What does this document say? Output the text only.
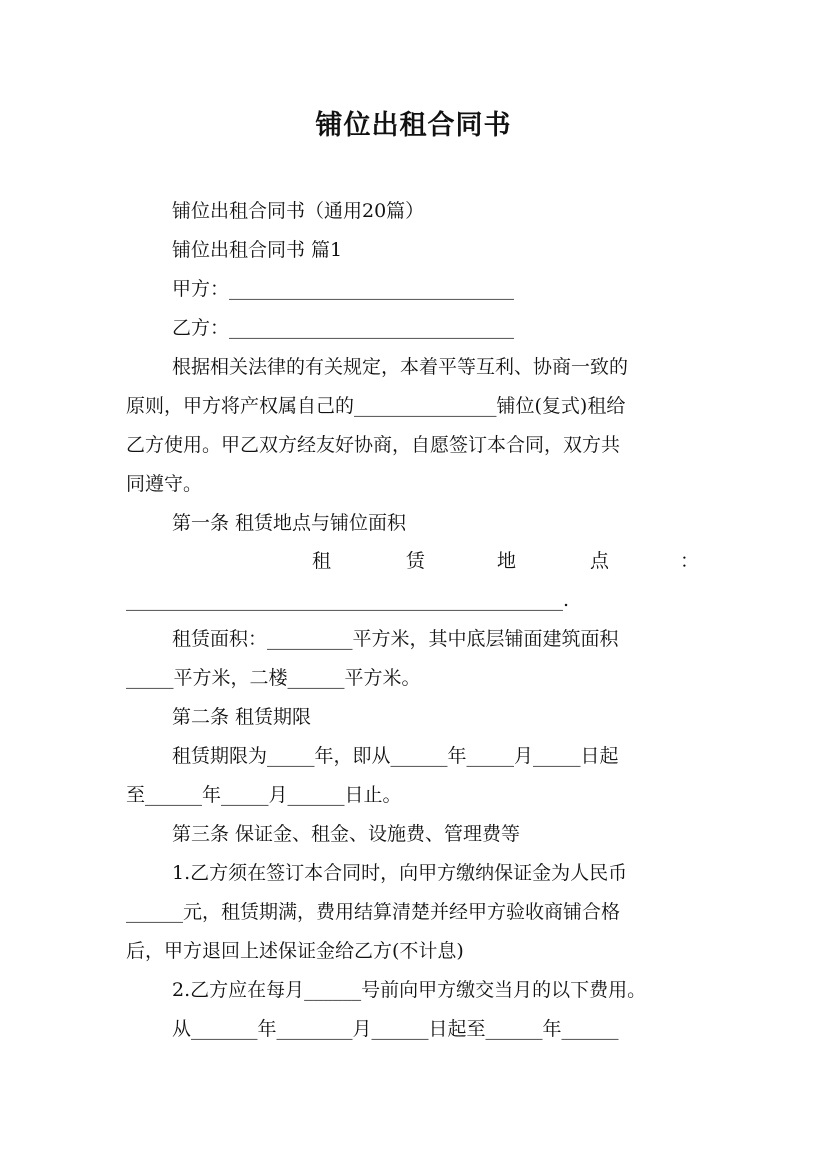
铺位出租合同书
铺位出租合同书（通用20篇）
铺位出租合同书 篇1
甲方：______________________________
乙方：______________________________
根据相关法律的有关规定，本着平等互利、协商一致的
原则，甲方将产权属自己的_______________铺位(复式)租给
乙方使用。甲乙双方经友好协商，自愿签订本合同，双方共
同遵守。
第一条 租赁地点与铺位面积
租	赁	地	点	：
______________________________________________.
租赁面积：_________平方米，其中底层铺面建筑面积
_____平方米，二楼______平方米。
第二条 租赁期限
租赁期限为_____年，即从______年_____月_____日起
至______年_____月______日止。
第三条 保证金、租金、设施费、管理费等
1.乙方须在签订本合同时，向甲方缴纳保证金为人民币
______元，租赁期满，费用结算清楚并经甲方验收商铺合格
后，甲方退回上述保证金给乙方(不计息)
2.乙方应在每月______号前向甲方缴交当月的以下费用。
从_______年________月______日起至______年______
